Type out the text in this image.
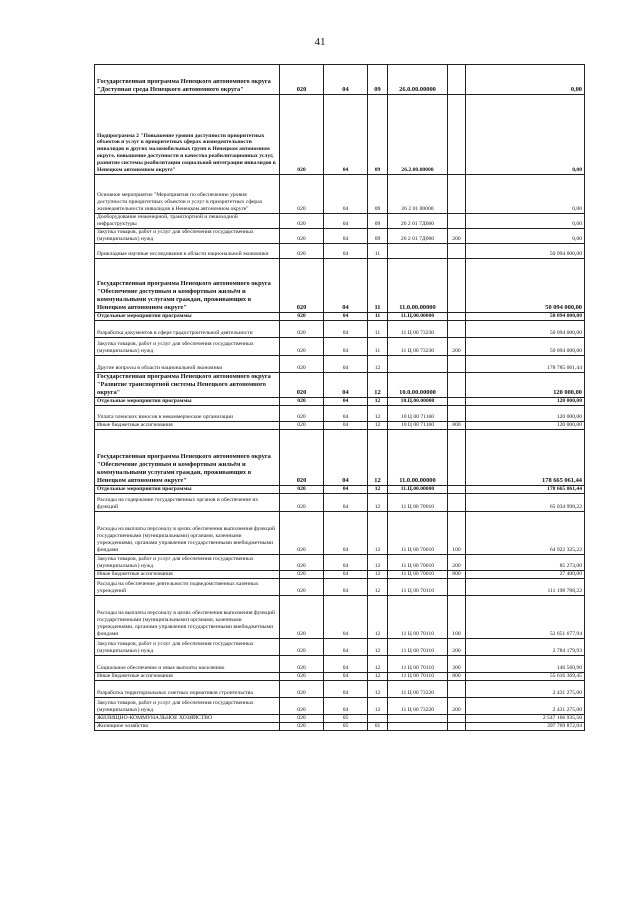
41
Государственная программа Ненецкого автономного округа "Доступная среда Ненецкого автономного округа"	020	04	09	26.0.00.00000		0,00
Подпрограмма 2 "Повышение уровня доступности приоритетных объектов и услуг в приоритетных сферах жизнедеятельности инвалидов и других маломобильных групп в Ненецком автономном округе, повышение доступности и качества реабилитационных услуг, развитие системы реабилитации социальной интеграции инвалидов в Ненецком автономном округе"	020	04	09	26.2.00.00000		0,00
Основное мероприятие "Мероприятия по обеспечению уровня доступности приоритетных объектов и услуг в приоритетных сферах жизнедеятельности инвалидов в Ненецком автономном округе"	020	04	09	26 2 01 00000		0,00
Дооборудование инженерной, транспортной и пешеходной инфраструктуры	020	04	09	26 2 01 7Д060		0,00
Закупка товаров, работ и услуг для обеспечения государственных (муниципальных) нужд	020	04	09	26 2 01 7Д060	200	0,00
Прикладные научные исследования в области национальной экономики	020	04	11			50 094 000,00
Государственная программа Ненецкого автономного округа "Обеспечение доступным и комфортным жильём и коммунальными услугами граждан, проживающих в Ненецком автономном округе"	020	04	11	11.0.00.00000		50 094 000,00
Отдельные мероприятия программы	020	04	11	11.Ц.00.00000		50 094 000,00
Разработка документов в сфере градостроительной деятельности	020	04	11	11 Ц 00 73230		50 094 000,00
Закупка товаров, работ и услуг для обеспечения государственных (муниципальных) нужд	020	04	11	11 Ц 00 73230	200	50 094 000,00
Другие вопросы в области национальной экономики	020	04	12			178 785 061,44
Государственная программа Ненецкого автономного округа "Развитие транспортной системы Ненецкого автономного округа"	020	04	12	10.0.00.00000		120 000,00
Отдельные мероприятия программы	020	04	12	10.Ц.00.00000		120 000,00
Уплата членских взносов в некоммерческие организации	020	04	12	10 Ц 00 71160		120 000,00
Иные бюджетные ассигнования	020	04	12	10 Ц 00 71160	800	120 000,00
Государственная программа Ненецкого автономного округа "Обеспечение доступным и комфортным жильём и коммунальными услугами граждан, проживающих в Ненецком автономном округе"	020	04	12	11.0.00.00000		178 665 061,44
Отдельные мероприятия программы	020	04	12	11.Ц.00.00000		178 665 061,44
Расходы на содержание государственных органов и обеспечение их функций	020	04	12	11 Ц 00 70010		65 034 998,22
Расходы на выплаты персоналу в целях обеспечения выполнения функций государственными (муниципальными) органами, казенными учреждениями, органами управления государственными внебюджетными фондами	020	04	12	11 Ц 00 70010	100	64 922 325,22
Закупка товаров, работ и услуг для обеспечения государственных (муниципальных) нужд	020	04	12	11 Ц 00 70010	200	85 273,00
Иные бюджетные ассигнования	020	04	12	11 Ц 00 70010	800	27 400,00
Расходы на обеспечение деятельности подведомственных казенных учреждений	020	04	12	11 Ц 00 70110		111 198 788,22
Расходы на выплаты персоналу в целях обеспечения выполнения функций государственными (муниципальными) органами, казенными учреждениями, органами управления государственными внебюджетными фондами	020	04	12	11 Ц 00 70110	100	52 651 677,94
Закупка товаров, работ и услуг для обеспечения государственных (муниципальных) нужд	020	04	12	11 Ц 00 70110	200	2 784 179,93
Социальное обеспечение и иные выплаты населению	020	04	12	11 Ц 00 70110	300	146 560,90
Иные бюджетные ассигнования	020	04	12	11 Ц 00 70110	800	55 616 369,45
Разработка территориальных сметных нормативов строительства	020	04	12	11 Ц 00 73220		2 431 275,00
Закупка товаров, работ и услуг для обеспечения государственных (муниципальных) нужд	020	04	12	11 Ц 00 73220	200	2 431 275,00
ЖИЛИЩНО-КОММУНАЛЬНОЕ ХОЗЯЙСТВО	020	05				2 547 166 935,50
Жилищное хозяйство	020	05	01			397 769 872,04
